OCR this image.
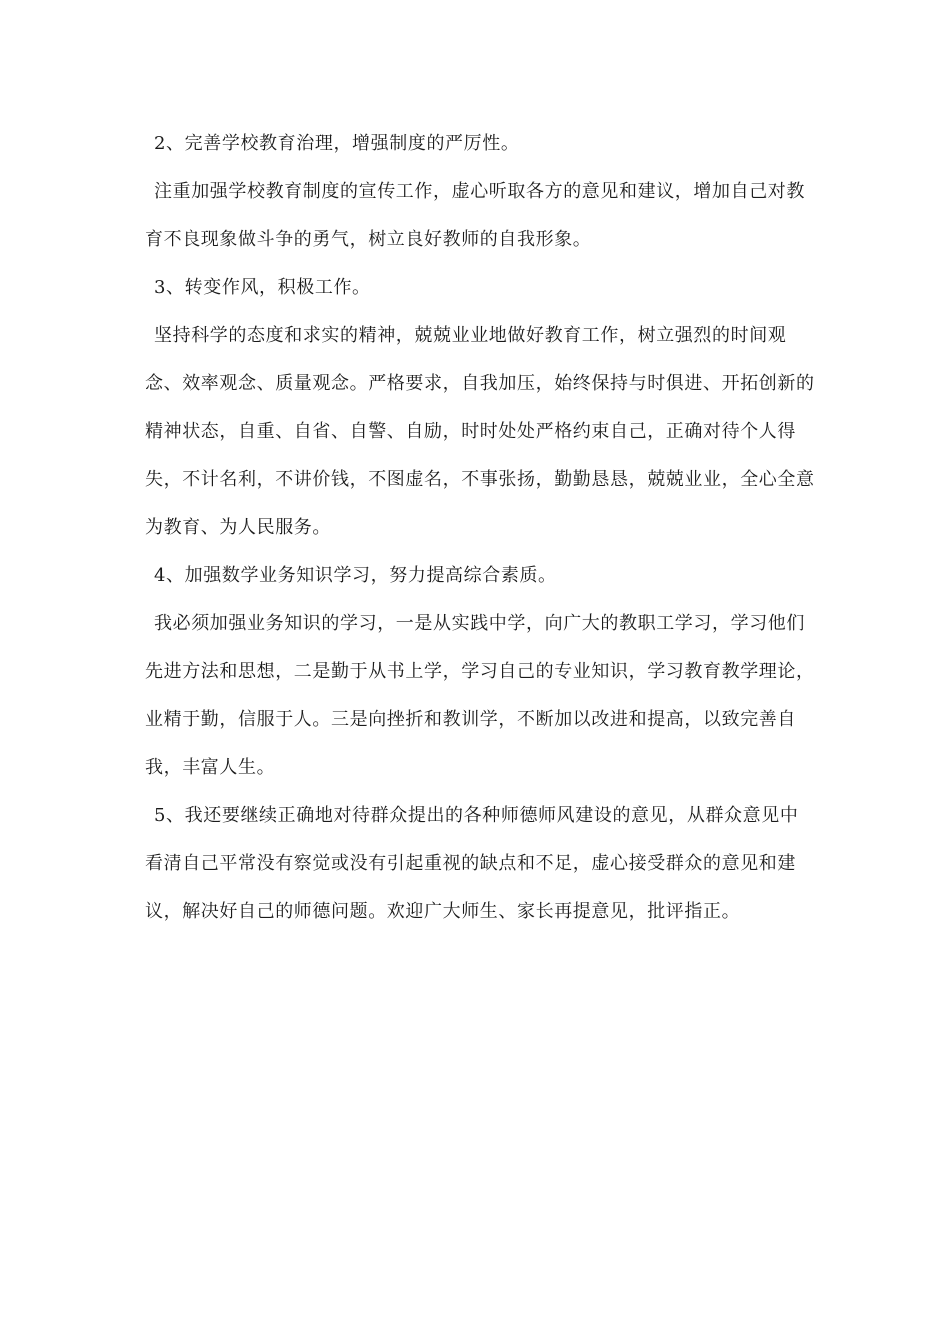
2、完善学校教育治理，增强制度的严厉性。

注重加强学校教育制度的宣传工作，虚心听取各方的意见和建议，增加自己对教育不良现象做斗争的勇气，树立良好教师的自我形象。

3、转变作风，积极工作。

坚持科学的态度和求实的精神，兢兢业业地做好教育工作，树立强烈的时间观念、效率观念、质量观念。严格要求，自我加压，始终保持与时俱进、开拓创新的精神状态，自重、自省、自警、自励，时时处处严格约束自己，正确对待个人得失，不计名利，不讲价钱，不图虚名，不事张扬，勤勤恳恳，兢兢业业，全心全意为教育、为人民服务。

4、加强数学业务知识学习，努力提高综合素质。

我必须加强业务知识的学习，一是从实践中学，向广大的教职工学习，学习他们先进方法和思想，二是勤于从书上学，学习自己的专业知识，学习教育教学理论，业精于勤，信服于人。三是向挫折和教训学，不断加以改进和提高，以致完善自我，丰富人生。

5、我还要继续正确地对待群众提出的各种师德师风建设的意见，从群众意见中看清自己平常没有察觉或没有引起重视的缺点和不足，虚心接受群众的意见和建议，解决好自己的师德问题。欢迎广大师生、家长再提意见，批评指正。
